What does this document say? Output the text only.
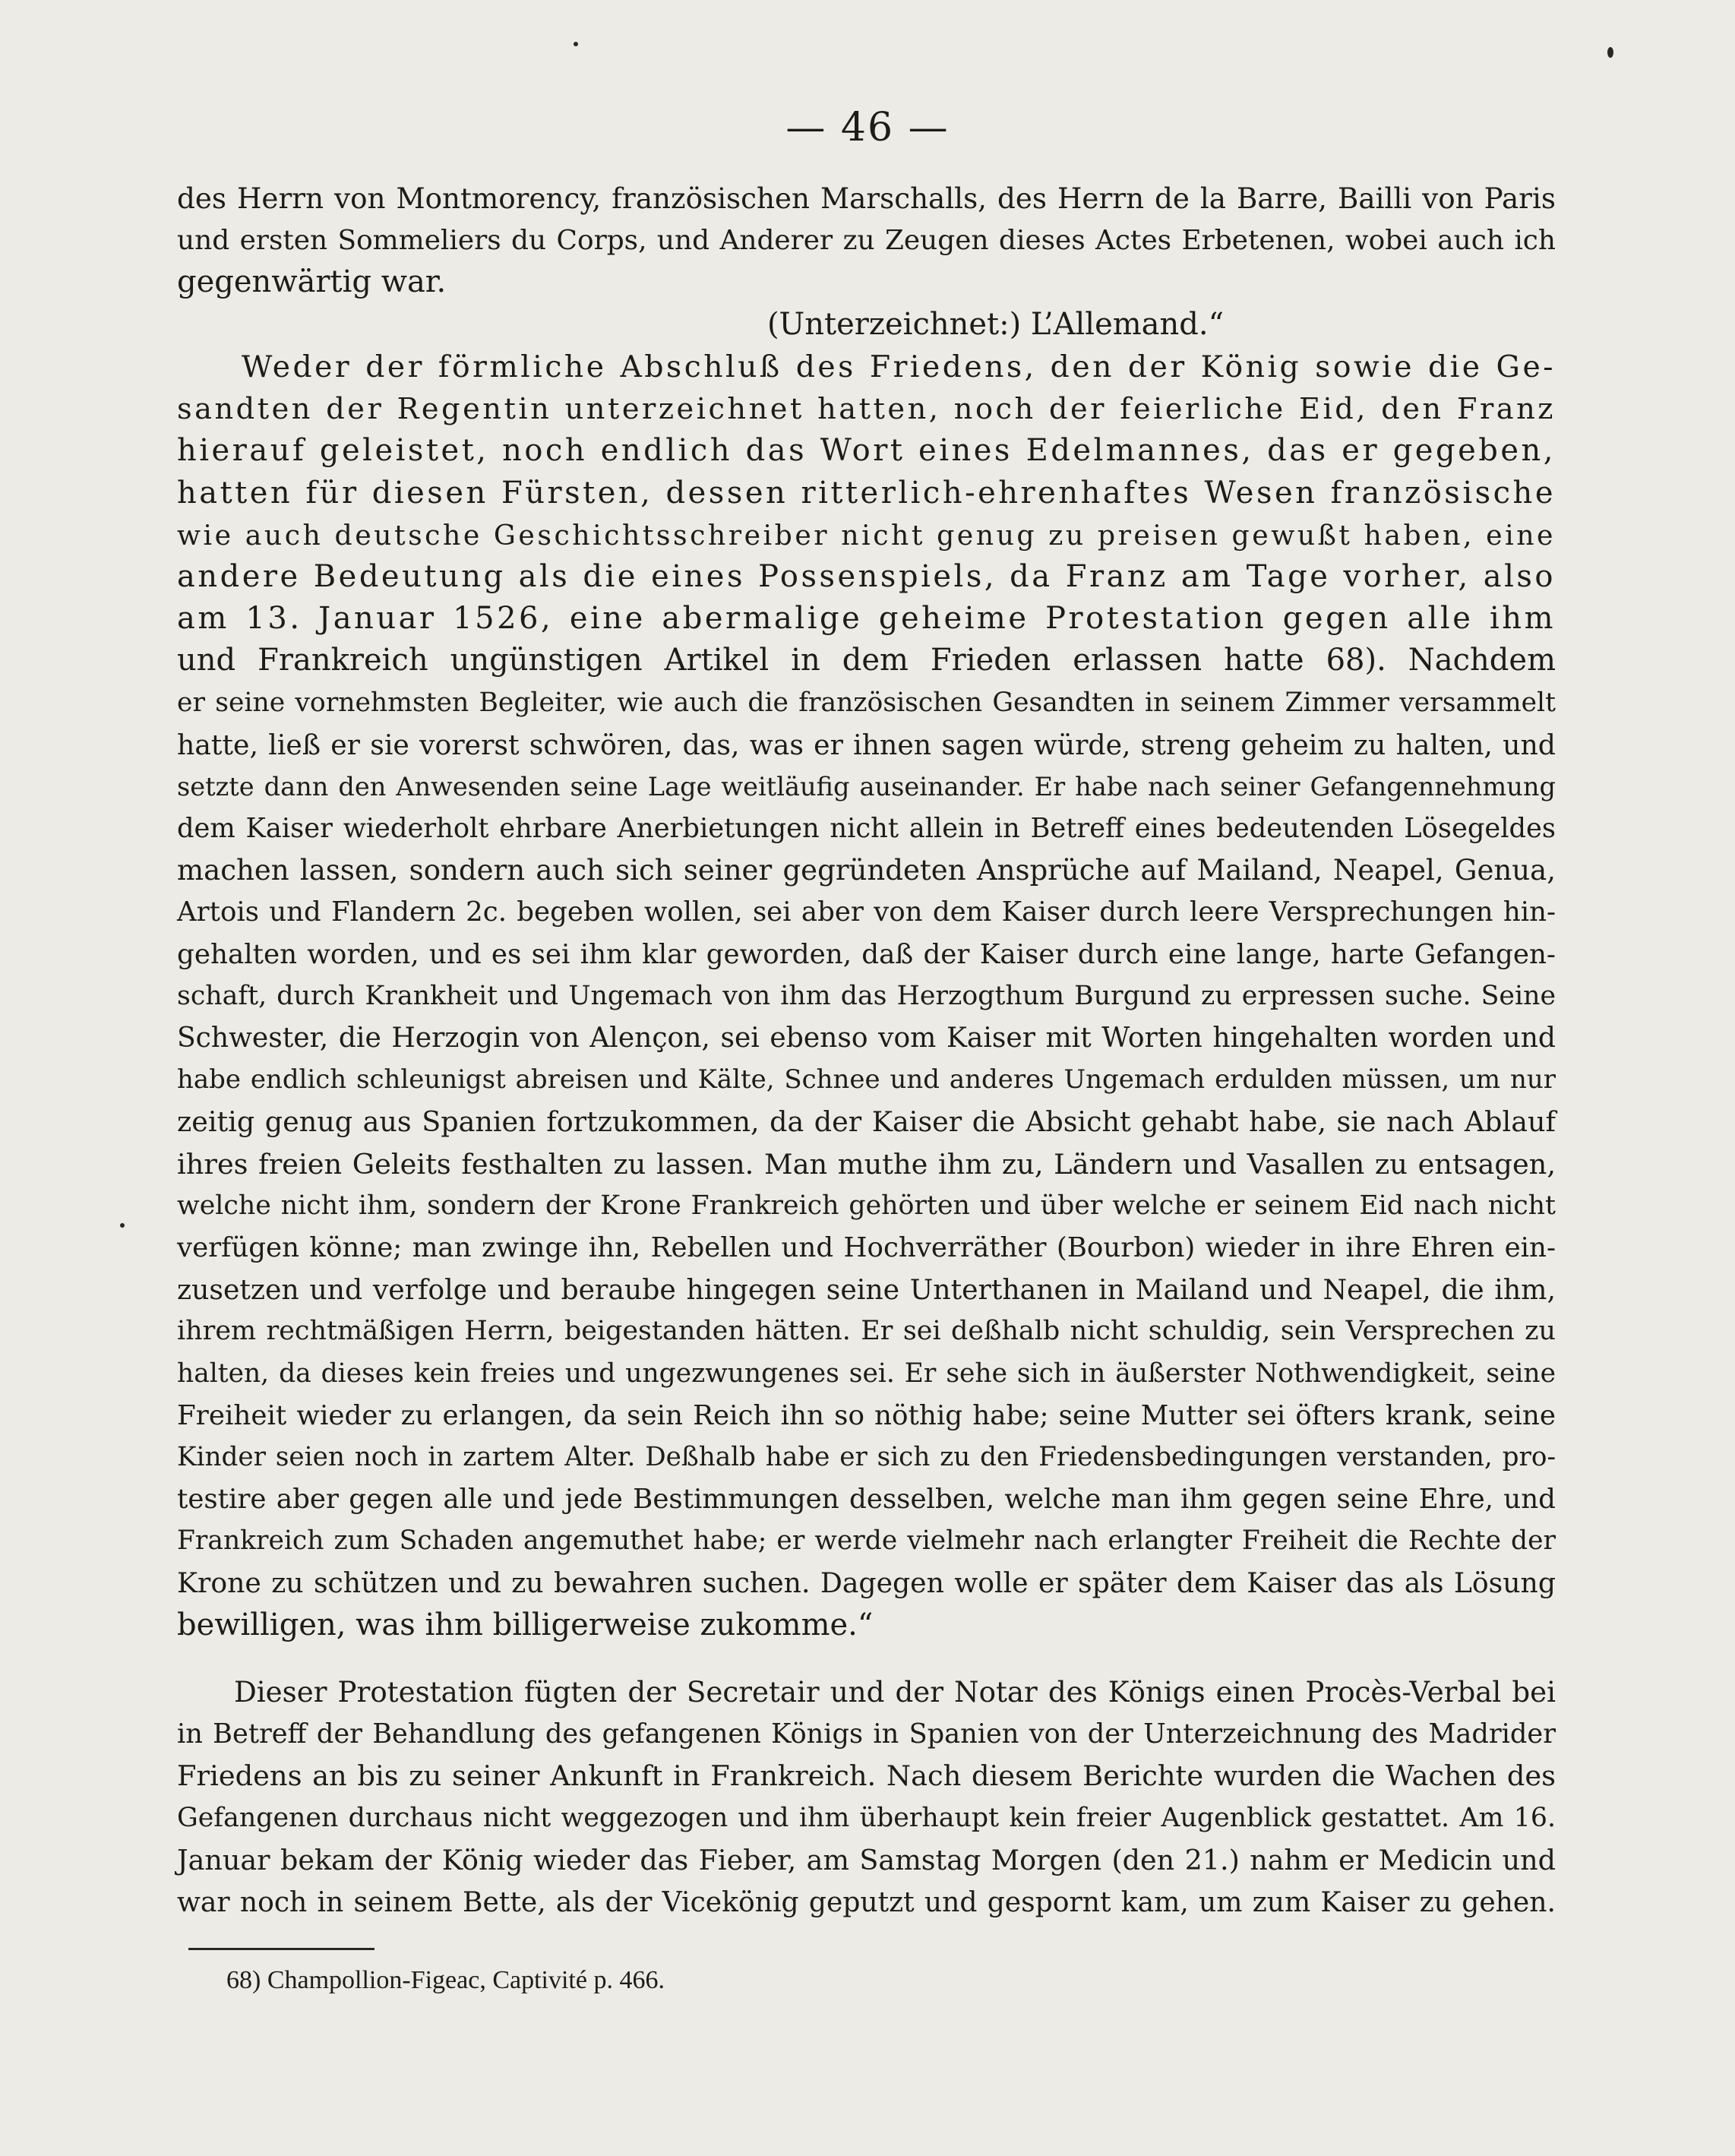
— 46 —
des Herrn von Montmorency, französischen Marschalls, des Herrn de la Barre, Bailli von Paris
und ersten Sommeliers du Corps, und Anderer zu Zeugen dieses Actes Erbetenen, wobei auch ich
gegenwärtig war.
(Unterzeichnet:) L’Allemand.“
Weder der förmliche Abschluß des Friedens, den der König sowie die Ge-
sandten der Regentin unterzeichnet hatten, noch der feierliche Eid, den Franz
hierauf geleistet, noch endlich das Wort eines Edelmannes, das er gegeben,
hatten für diesen Fürsten, dessen ritterlich-ehrenhaftes Wesen französische
wie auch deutsche Geschichtsschreiber nicht genug zu preisen gewußt haben, eine
andere Bedeutung als die eines Possenspiels, da Franz am Tage vorher, also
am 13. Januar 1526, eine abermalige geheime Protestation gegen alle ihm
und Frankreich ungünstigen Artikel in dem Frieden erlassen hatte 68). Nachdem
er seine vornehmsten Begleiter, wie auch die französischen Gesandten in seinem Zimmer versammelt
hatte, ließ er sie vorerst schwören, das, was er ihnen sagen würde, streng geheim zu halten, und
setzte dann den Anwesenden seine Lage weitläufig auseinander. Er habe nach seiner Gefangennehmung
dem Kaiser wiederholt ehrbare Anerbietungen nicht allein in Betreff eines bedeutenden Lösegeldes
machen lassen, sondern auch sich seiner gegründeten Ansprüche auf Mailand, Neapel, Genua,
Artois und Flandern 2c. begeben wollen, sei aber von dem Kaiser durch leere Versprechungen hin-
gehalten worden, und es sei ihm klar geworden, daß der Kaiser durch eine lange, harte Gefangen-
schaft, durch Krankheit und Ungemach von ihm das Herzogthum Burgund zu erpressen suche. Seine
Schwester, die Herzogin von Alençon, sei ebenso vom Kaiser mit Worten hingehalten worden und
habe endlich schleunigst abreisen und Kälte, Schnee und anderes Ungemach erdulden müssen, um nur
zeitig genug aus Spanien fortzukommen, da der Kaiser die Absicht gehabt habe, sie nach Ablauf
ihres freien Geleits festhalten zu lassen. Man muthe ihm zu, Ländern und Vasallen zu entsagen,
welche nicht ihm, sondern der Krone Frankreich gehörten und über welche er seinem Eid nach nicht
verfügen könne; man zwinge ihn, Rebellen und Hochverräther (Bourbon) wieder in ihre Ehren ein-
zusetzen und verfolge und beraube hingegen seine Unterthanen in Mailand und Neapel, die ihm,
ihrem rechtmäßigen Herrn, beigestanden hätten. Er sei deßhalb nicht schuldig, sein Versprechen zu
halten, da dieses kein freies und ungezwungenes sei. Er sehe sich in äußerster Nothwendigkeit, seine
Freiheit wieder zu erlangen, da sein Reich ihn so nöthig habe; seine Mutter sei öfters krank, seine
Kinder seien noch in zartem Alter. Deßhalb habe er sich zu den Friedensbedingungen verstanden, pro-
testire aber gegen alle und jede Bestimmungen desselben, welche man ihm gegen seine Ehre, und
Frankreich zum Schaden angemuthet habe; er werde vielmehr nach erlangter Freiheit die Rechte der
Krone zu schützen und zu bewahren suchen. Dagegen wolle er später dem Kaiser das als Lösung
bewilligen, was ihm billigerweise zukomme.“
Dieser Protestation fügten der Secretair und der Notar des Königs einen Procès-Verbal bei
in Betreff der Behandlung des gefangenen Königs in Spanien von der Unterzeichnung des Madrider
Friedens an bis zu seiner Ankunft in Frankreich. Nach diesem Berichte wurden die Wachen des
Gefangenen durchaus nicht weggezogen und ihm überhaupt kein freier Augenblick gestattet. Am 16.
Januar bekam der König wieder das Fieber, am Samstag Morgen (den 21.) nahm er Medicin und
war noch in seinem Bette, als der Vicekönig geputzt und gespornt kam, um zum Kaiser zu gehen.
68) Champollion-Figeac, Captivité p. 466.
